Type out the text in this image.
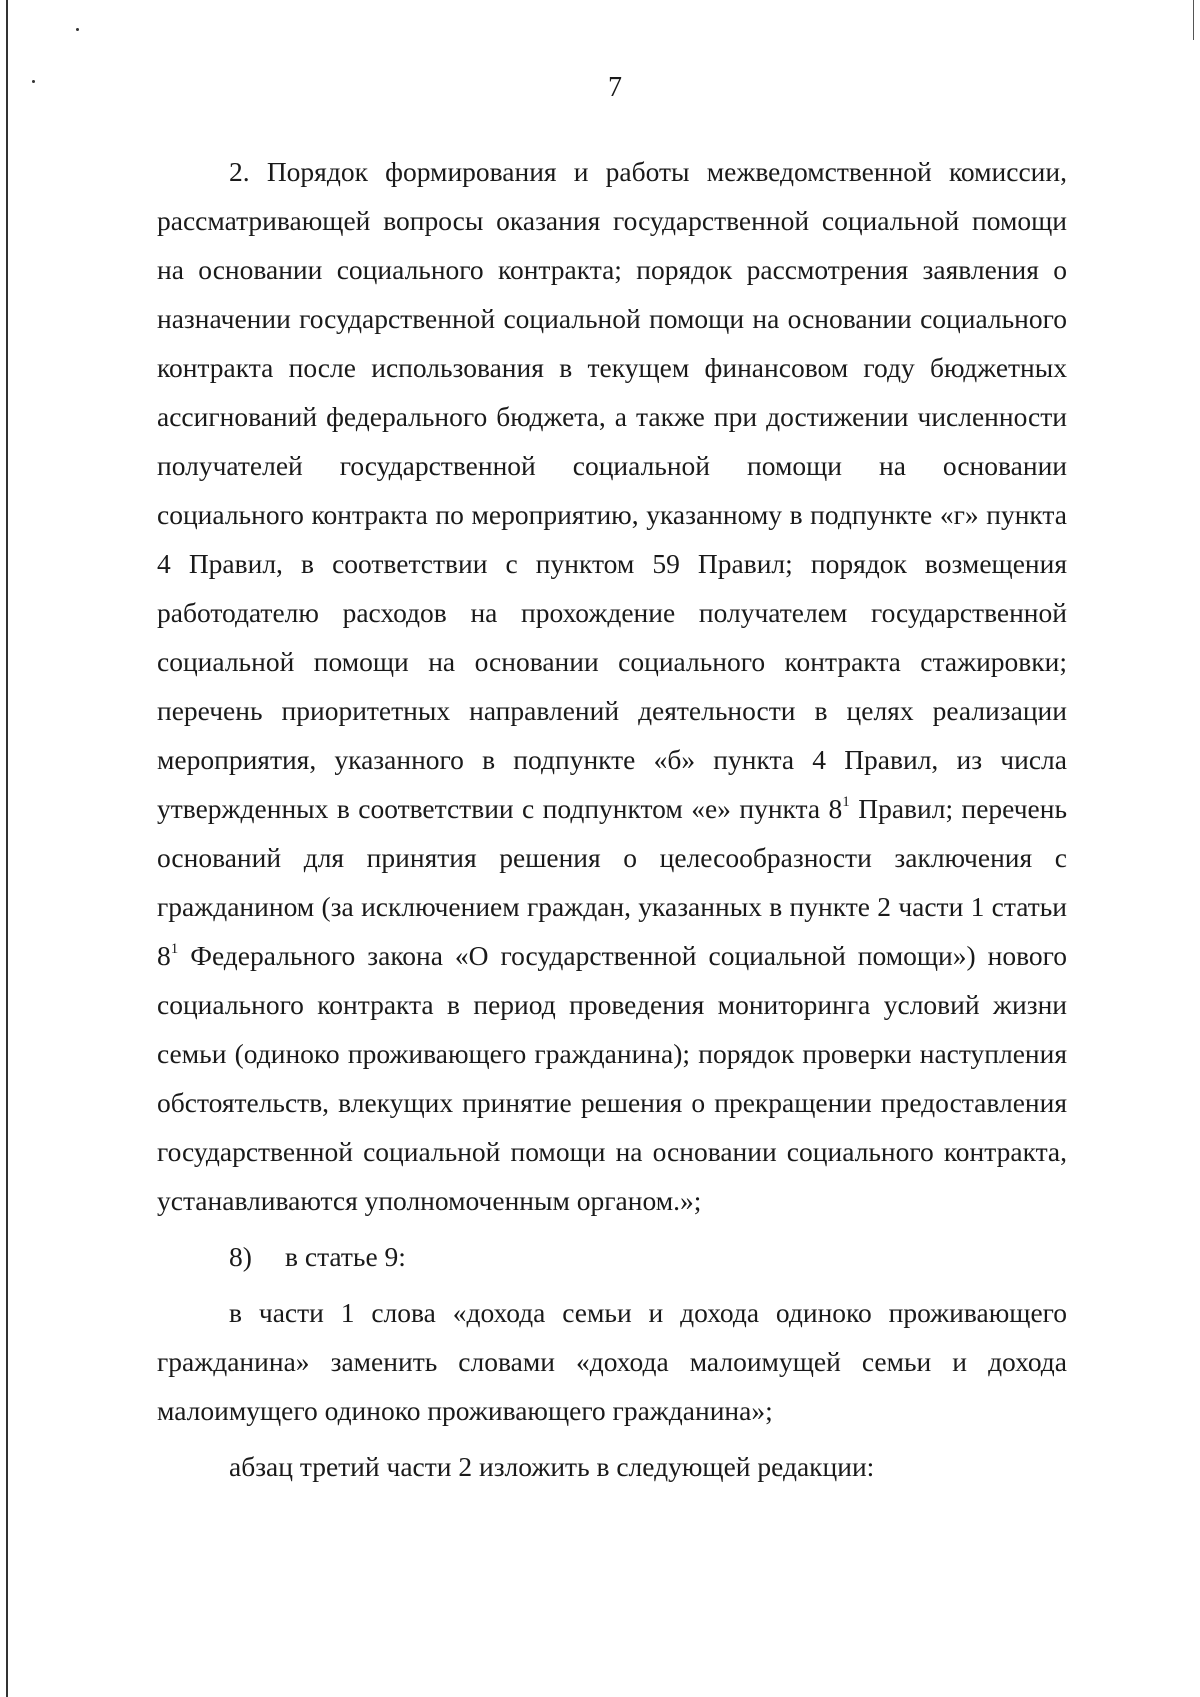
7

2. Порядок формирования и работы межведомственной комиссии, рассматривающей вопросы оказания государственной социальной помощи на основании социального контракта; порядок рассмотрения заявления о назначении государственной социальной помощи на основании социального контракта после использования в текущем финансовом году бюджетных ассигнований федерального бюджета, а также при достижении численности получателей государственной социальной помощи на основании социального контракта по мероприятию, указанному в подпункте «г» пункта 4 Правил, в соответствии с пунктом 59 Правил; порядок возмещения работодателю расходов на прохождение получателем государственной социальной помощи на основании социального контракта стажировки; перечень приоритетных направлений деятельности в целях реализации мероприятия, указанного в подпункте «б» пункта 4 Правил, из числа утвержденных в соответствии с подпунктом «е» пункта $8^1$ Правил; перечень оснований для принятия решения о целесообразности заключения с гражданином (за исключением граждан, указанных в пункте 2 части 1 статьи $8^1$ Федерального закона «О государственной социальной помощи») нового социального контракта в период проведения мониторинга условий жизни семьи (одиноко проживающего гражданина); порядок проверки наступления обстоятельств, влекущих принятие решения о прекращении предоставления государственной социальной помощи на основании социального контракта, устанавливаются уполномоченным органом.»;

8) в статье 9:

в части 1 слова «дохода семьи и дохода одиноко проживающего гражданина» заменить словами «дохода малоимущей семьи и дохода малоимущего одиноко проживающего гражданина»;

абзац третий части 2 изложить в следующей редакции:
